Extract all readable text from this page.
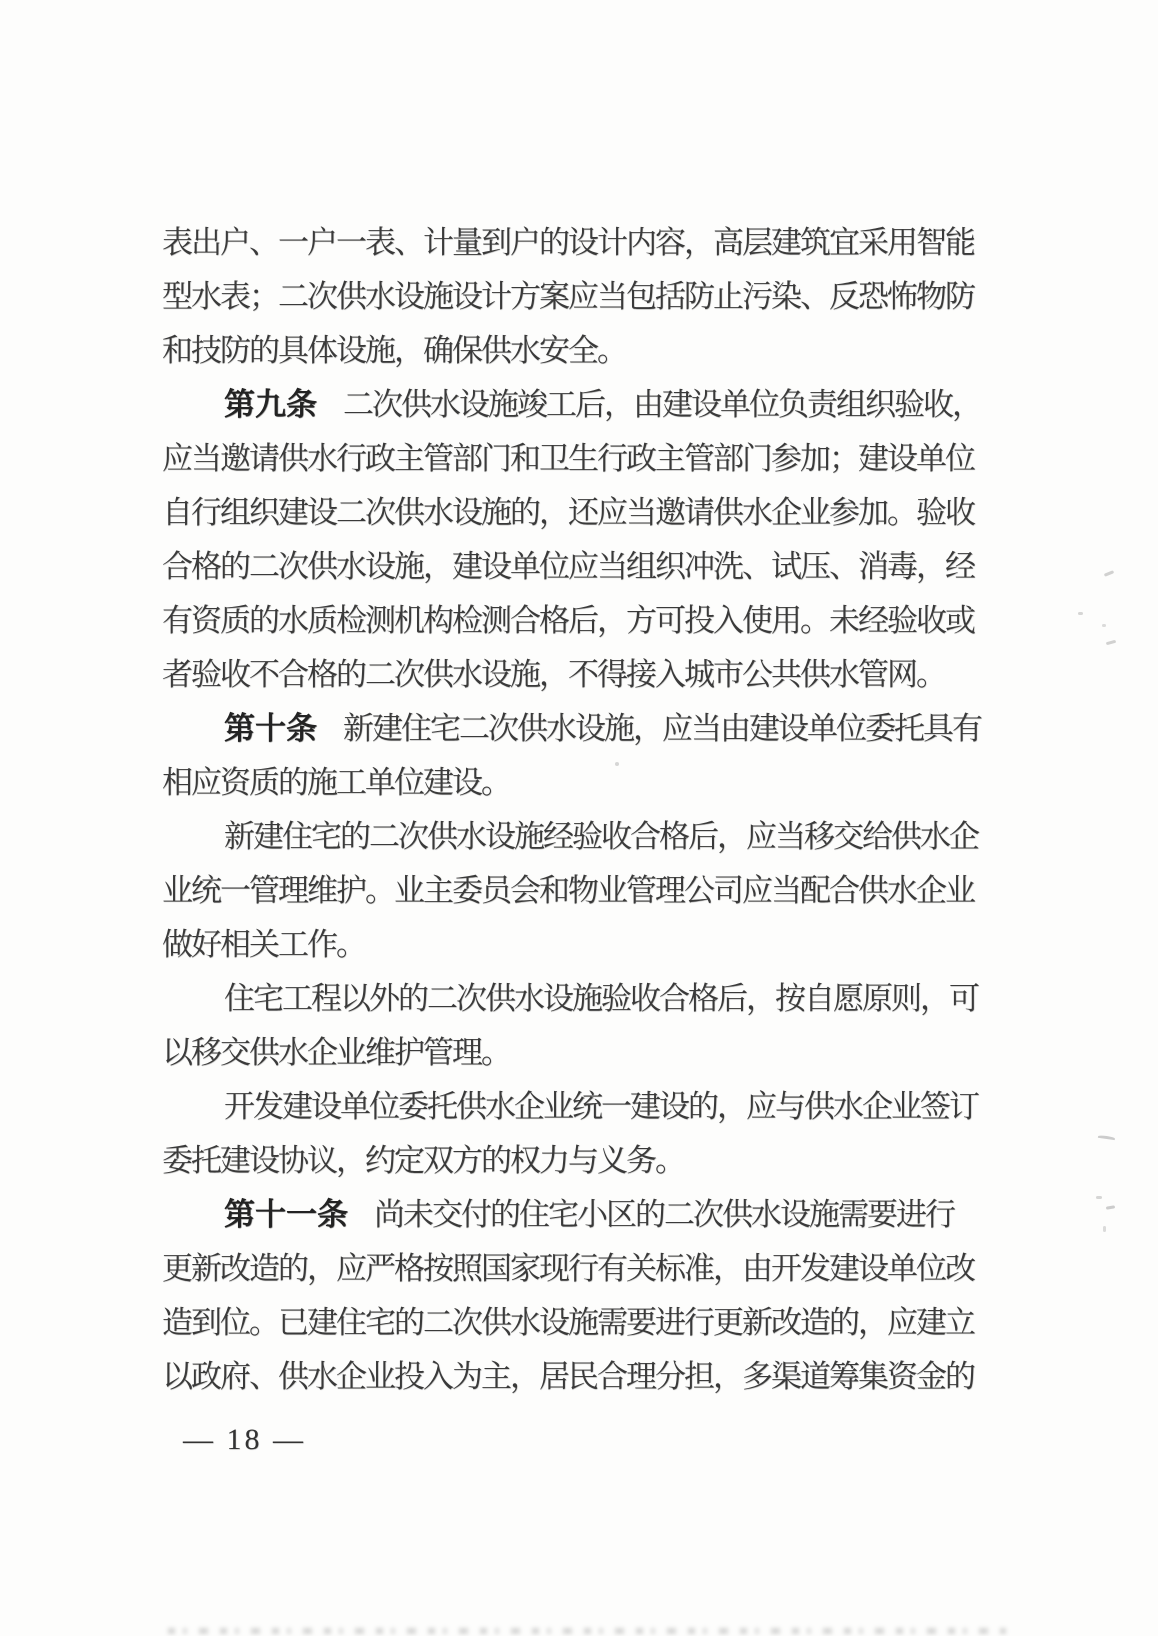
表出户、一户一表、计量到户的设计内容，高层建筑宜采用智能
型水表；二次供水设施设计方案应当包括防止污染、反恐怖物防
和技防的具体设施，确保供水安全。
第九条 二次供水设施竣工后，由建设单位负责组织验收，
应当邀请供水行政主管部门和卫生行政主管部门参加；建设单位
自行组织建设二次供水设施的，还应当邀请供水企业参加。验收
合格的二次供水设施，建设单位应当组织冲洗、试压、消毒，经
有资质的水质检测机构检测合格后，方可投入使用。未经验收或
者验收不合格的二次供水设施，不得接入城市公共供水管网。
第十条 新建住宅二次供水设施，应当由建设单位委托具有
相应资质的施工单位建设。
新建住宅的二次供水设施经验收合格后，应当移交给供水企
业统一管理维护。业主委员会和物业管理公司应当配合供水企业
做好相关工作。
住宅工程以外的二次供水设施验收合格后，按自愿原则，可
以移交供水企业维护管理。
开发建设单位委托供水企业统一建设的，应与供水企业签订
委托建设协议，约定双方的权力与义务。
第十一条 尚未交付的住宅小区的二次供水设施需要进行
更新改造的，应严格按照国家现行有关标准，由开发建设单位改
造到位。已建住宅的二次供水设施需要进行更新改造的，应建立
以政府、供水企业投入为主，居民合理分担，多渠道筹集资金的
— 18 —
